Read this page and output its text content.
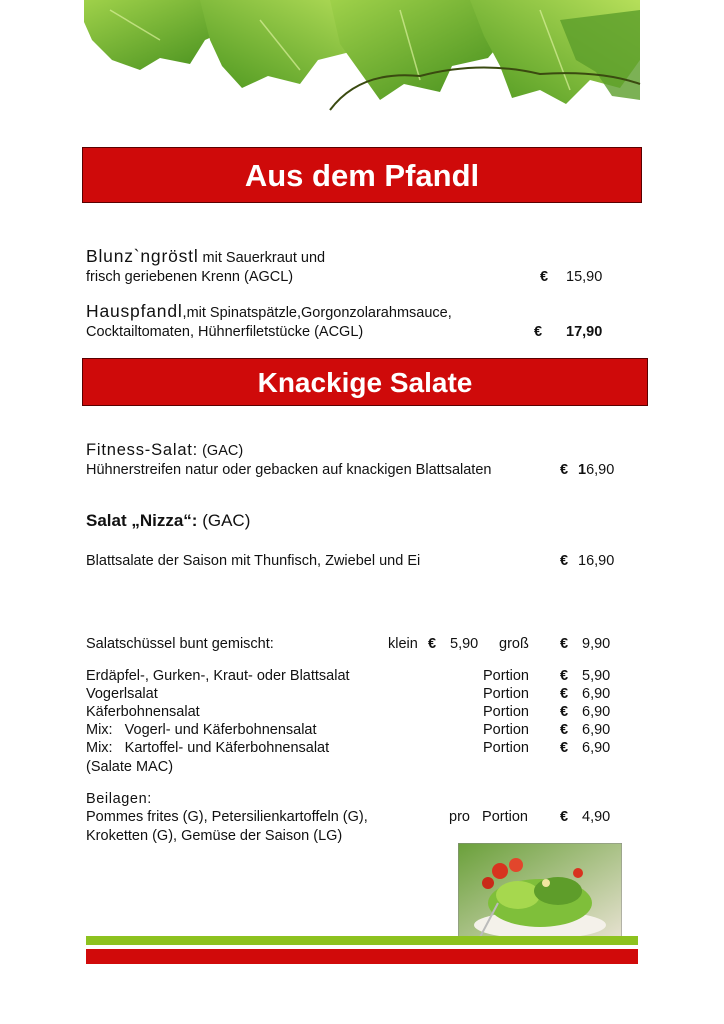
Aus dem Pfandl
Blunz`ngröstl mit Sauerkraut und
frisch geriebenen Krenn (AGCL)	€ 15,90
Hauspfandl,mit Spinatspätzle,Gorgonzolarahmsauce,
Cocktailtomaten, Hühnerfiletstücke (ACGL)	€ 17,90
Knackige Salate
Fitness-Salat: (GAC)
Hühnerstreifen natur oder gebacken auf knackigen Blattsalaten	€ 16,90
Salat „Nizza“: (GAC)
Blattsalate der Saison mit Thunfisch, Zwiebel und Ei	€ 16,90
Salatschüssel bunt gemischt:	klein € 5,90 groß € 9,90
Erdäpfel-, Gurken-, Kraut- oder Blattsalat	Portion € 5,90
Vogerlsalat	Portion € 6,90
Käferbohnensalat	Portion € 6,90
Mix:   Vogerl- und Käferbohnensalat	Portion € 6,90
Mix:   Kartoffel- und Käferbohnensalat	Portion € 6,90
(Salate MAC)
Beilagen:
Pommes frites (G), Petersilienkartoffeln (G),
Kroketten (G), Gemüse der Saison (LG)
pro   Portion € 4,90
